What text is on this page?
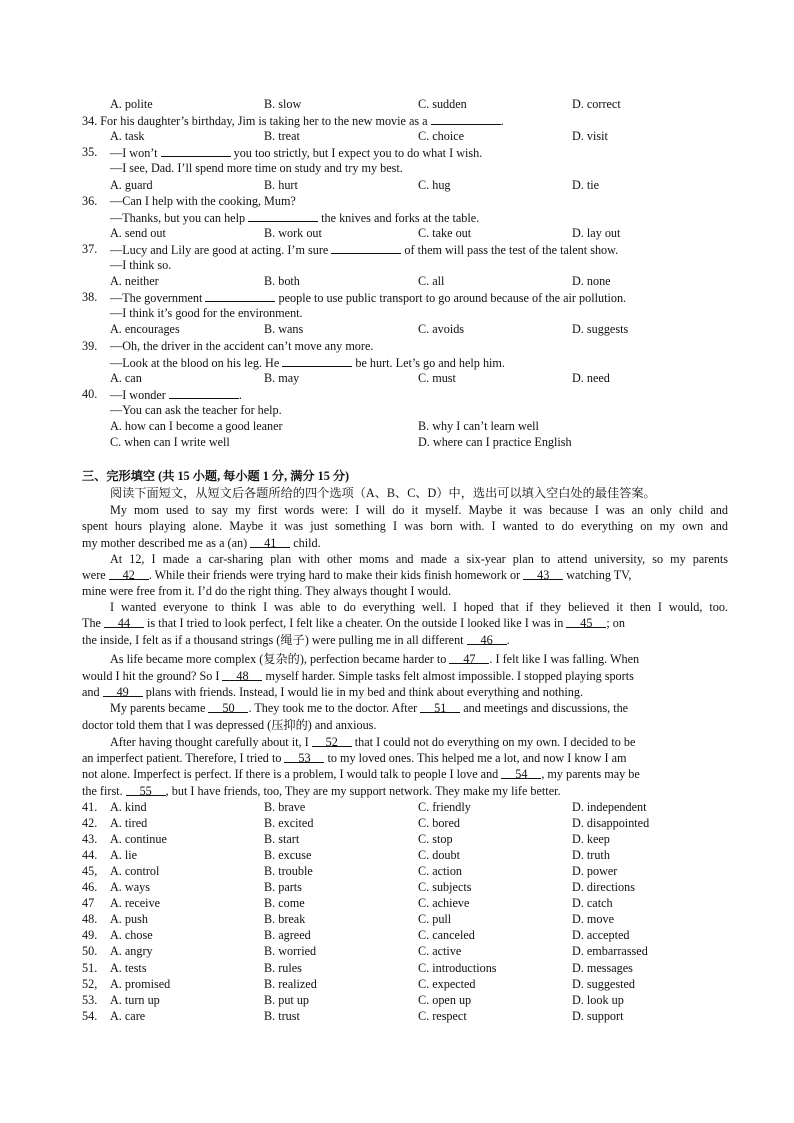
A. polite	B. slow	C. sudden	D. correct
34. For his daughter’s birthday, Jim is taking her to the new movie as a	.
A. task	B. treat	C. choice	D. visit
35. —I won’t	you too strictly, but I expect you to do what I wish.
—I see, Dad. I’ll spend more time on study and try my best.
A. guard	B. hurt	C. hug	D. tie
36. —Can I help with the cooking, Mum?
—Thanks, but you can help	the knives and forks at the table.
A. send out	B. work out	C. take out	D. lay out
37. —Lucy and Lily are good at acting. I’m sure	of them will pass the test of the talent show.
—I think so.
A. neither	B. both	C. all	D. none
38. —The government	people to use public transport to go around because of the air pollution.
—I think it’s good for the environment.
A. encourages	B. wans	C. avoids	D. suggests
39. —Oh, the driver in the accident can’t move any more.
—Look at the blood on his leg. He	be hurt. Let’s go and help him.
A. can	B. may	C. must	D. need
40. —I wonder	.
—You can ask the teacher for help.
A. how can I become a good leaner	B. why I can’t learn well
C. when can I write well	D. where can I practice English
三、完形填空 (共 15 小题, 每小题 1 分, 满分 15 分)
阅读下面短文，从短文后各题所给的四个选项（A、B、C、D）中，选出可以填入空白处的最佳答案。
My mom used to say my first words were: I will do it myself. Maybe it was because I was an only child and
spent hours playing alone. Maybe it was just something I was born with. I wanted to do everything on my own and
my mother described me as a (an) 41 child.
At 12, I made a car-sharing plan with other moms and made a six-year plan to attend university, so my parents
were 42 . While their friends were trying hard to make their kids finish homework or 43 watching TV,
mine were free from it. I’d do the right thing. They always thought I would.
I wanted everyone to think I was able to do everything well. I hoped that if they believed it then I would, too.
The 44 is that I tried to look perfect, I felt like a cheater. On the outside I looked like I was in 45 ; on
the inside, I felt as if a thousand strings (绳子) were pulling me in all different 46 .
As life became more complex (复杂的), perfection became harder to 47 . I felt like I was falling. When
would I hit the ground? So I 48 myself harder. Simple tasks felt almost impossible. I stopped playing sports
and 49 plans with friends. Instead, I would lie in my bed and think about everything and nothing.
My parents became 50 . They took me to the doctor. After 51 and meetings and discussions, the
doctor told them that I was depressed (压抑的) and anxious.
After having thought carefully about it, I 52 that I could not do everything on my own. I decided to be
an imperfect patient. Therefore, I tried to 53 to my loved ones. This helped me a lot, and now I know I am
not alone. Imperfect is perfect. If there is a problem, I would talk to people I love and 54 , my parents may be
the first. 55 , but I have friends, too, They are my support network. They make my life better.
41. A. kind	B. brave	C. friendly	D. independent
42. A. tired	B. excited	C. bored	D. disappointed
43. A. continue	B. start	C. stop	D. keep
44. A. lie	B. excuse	C. doubt	D. truth
45, A. control	B. trouble	C. action	D. power
46. A. ways	B. parts	C. subjects	D. directions
47 A. receive	B. come	C. achieve	D. catch
48. A. push	B. break	C. pull	D. move
49. A. chose	B. agreed	C. canceled	D. accepted
50. A. angry	B. worried	C. active	D. embarrassed
51. A. tests	B. rules	C. introductions	D. messages
52, A. promised	B. realized	C. expected	D. suggested
53. A. turn up	B. put up	C. open up	D. look up
54. A. care	B. trust	C. respect	D. support
